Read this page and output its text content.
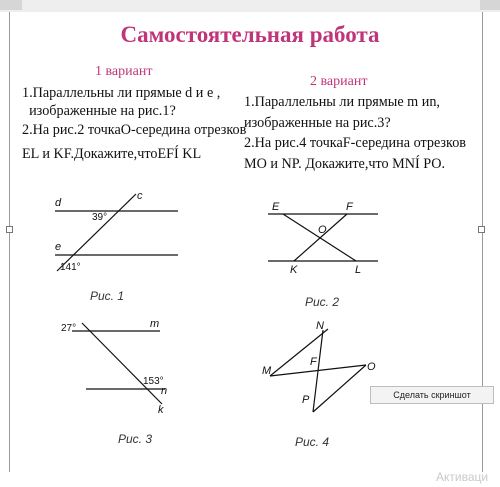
Самостоятельная работа
1 вариант
1.Параллельны ли прямые d и e ,
изображенные на рис.1?
2.На рис.2 точкаО-середина отрезков
EL и KF.Докажите,чтоEFÍ KL
2 вариант
1.Параллельны ли прямые m иn,
изображенные на рис.3?
2.На рис.4 точкаF-середина отрезков
MO и NP. Докажите,что MNÍ PO.
d
e
c
39°
141°
E	F
O
K	L
27°	m
153°
n
k
N
M
F	O
P
Рис. 1	Рис. 2
Рис. 3	Рис. 4
Сделать скриншот
Активаци
